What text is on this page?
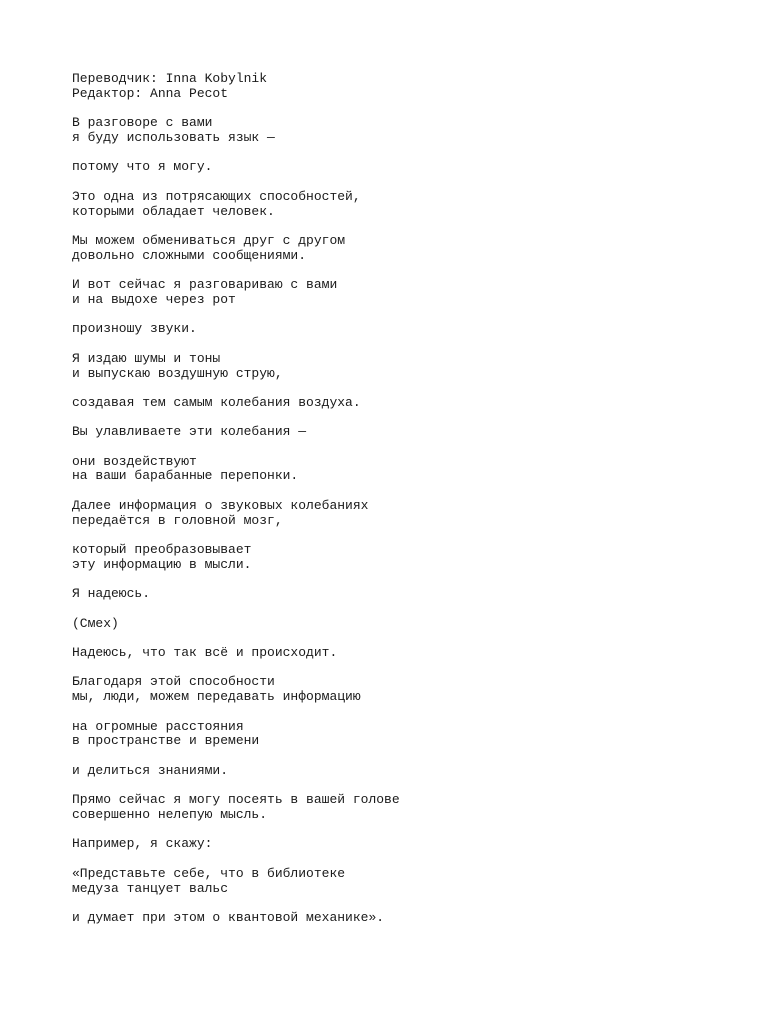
Переводчик: Inna Kobylnik
Редактор: Anna Pecot
В разговоре с вами
я буду использовать язык —
потому что я могу.
Это одна из потрясающих способностей,
которыми обладает человек.
Мы можем обмениваться друг с другом
довольно сложными сообщениями.
И вот сейчас я разговариваю с вами
и на выдохе через рот
произношу звуки.
Я издаю шумы и тоны
и выпускаю воздушную струю,
создавая тем самым колебания воздуха.
Вы улавливаете эти колебания —
они воздействуют
на ваши барабанные перепонки.
Далее информация о звуковых колебаниях
передаётся в головной мозг,
который преобразовывает
эту информацию в мысли.
Я надеюсь.
(Смех)
Надеюсь, что так всё и происходит.
Благодаря этой способности
мы, люди, можем передавать информацию
на огромные расстояния
в пространстве и времени
и делиться знаниями.
Прямо сейчас я могу посеять в вашей голове
совершенно нелепую мысль.
Например, я скажу:
«Представьте себе, что в библиотеке
медуза танцует вальс
и думает при этом о квантовой механике».
